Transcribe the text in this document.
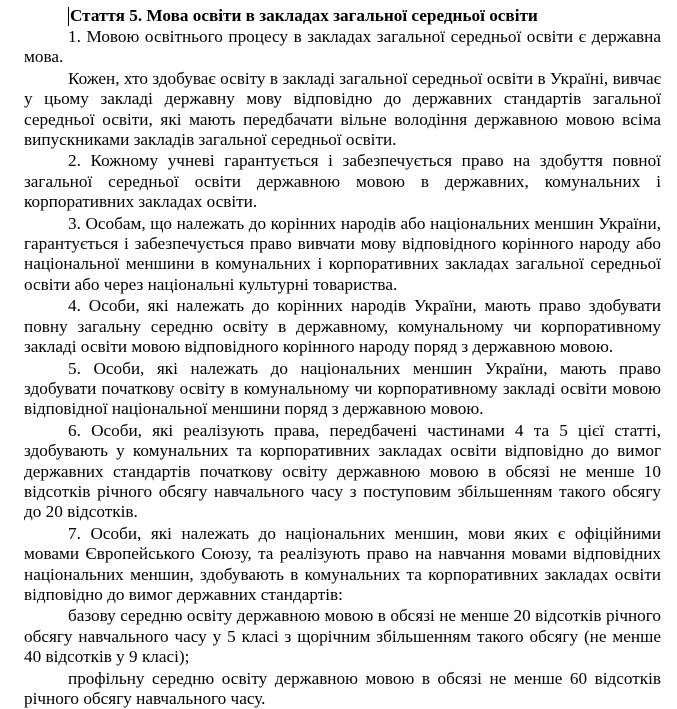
Стаття 5. Мова освіти в закладах загальної середньої освіти

1. Мовою освітнього процесу в закладах загальної середньої освіти є державна мова.

Кожен, хто здобуває освіту в закладі загальної середньої освіти в Україні, вивчає у цьому закладі державну мову відповідно до державних стандартів загальної середньої освіти, які мають передбачати вільне володіння державною мовою всіма випускниками закладів загальної середньої освіти.

2. Кожному учневі гарантується і забезпечується право на здобуття повної загальної середньої освіти державною мовою в державних, комунальних і корпоративних закладах освіти.

3. Особам, що належать до корінних народів або національних меншин України, гарантується і забезпечується право вивчати мову відповідного корінного народу або національної меншини в комунальних і корпоративних закладах загальної середньої освіти або через національні культурні товариства.

4. Особи, які належать до корінних народів України, мають право здобувати повну загальну середню освіту в державному, комунальному чи корпоративному закладі освіти мовою відповідного корінного народу поряд з державною мовою.

5. Особи, які належать до національних меншин України, мають право здобувати початкову освіту в комунальному чи корпоративному закладі освіти мовою відповідної національної меншини поряд з державною мовою.

6. Особи, які реалізують права, передбачені частинами 4 та 5 цієї статті, здобувають у комунальних та корпоративних закладах освіти відповідно до вимог державних стандартів початкову освіту державною мовою в обсязі не менше 10 відсотків річного обсягу навчального часу з поступовим збільшенням такого обсягу до 20 відсотків.

7. Особи, які належать до національних меншин, мови яких є офіційними мовами Європейського Союзу, та реалізують право на навчання мовами відповідних національних меншин, здобувають в комунальних та корпоративних закладах освіти відповідно до вимог державних стандартів:

базову середню освіту державною мовою в обсязі не менше 20 відсотків річного обсягу навчального часу у 5 класі з щорічним збільшенням такого обсягу (не менше 40 відсотків у 9 класі);

профільну середню освіту державною мовою в обсязі не менше 60 відсотків річного обсягу навчального часу.
